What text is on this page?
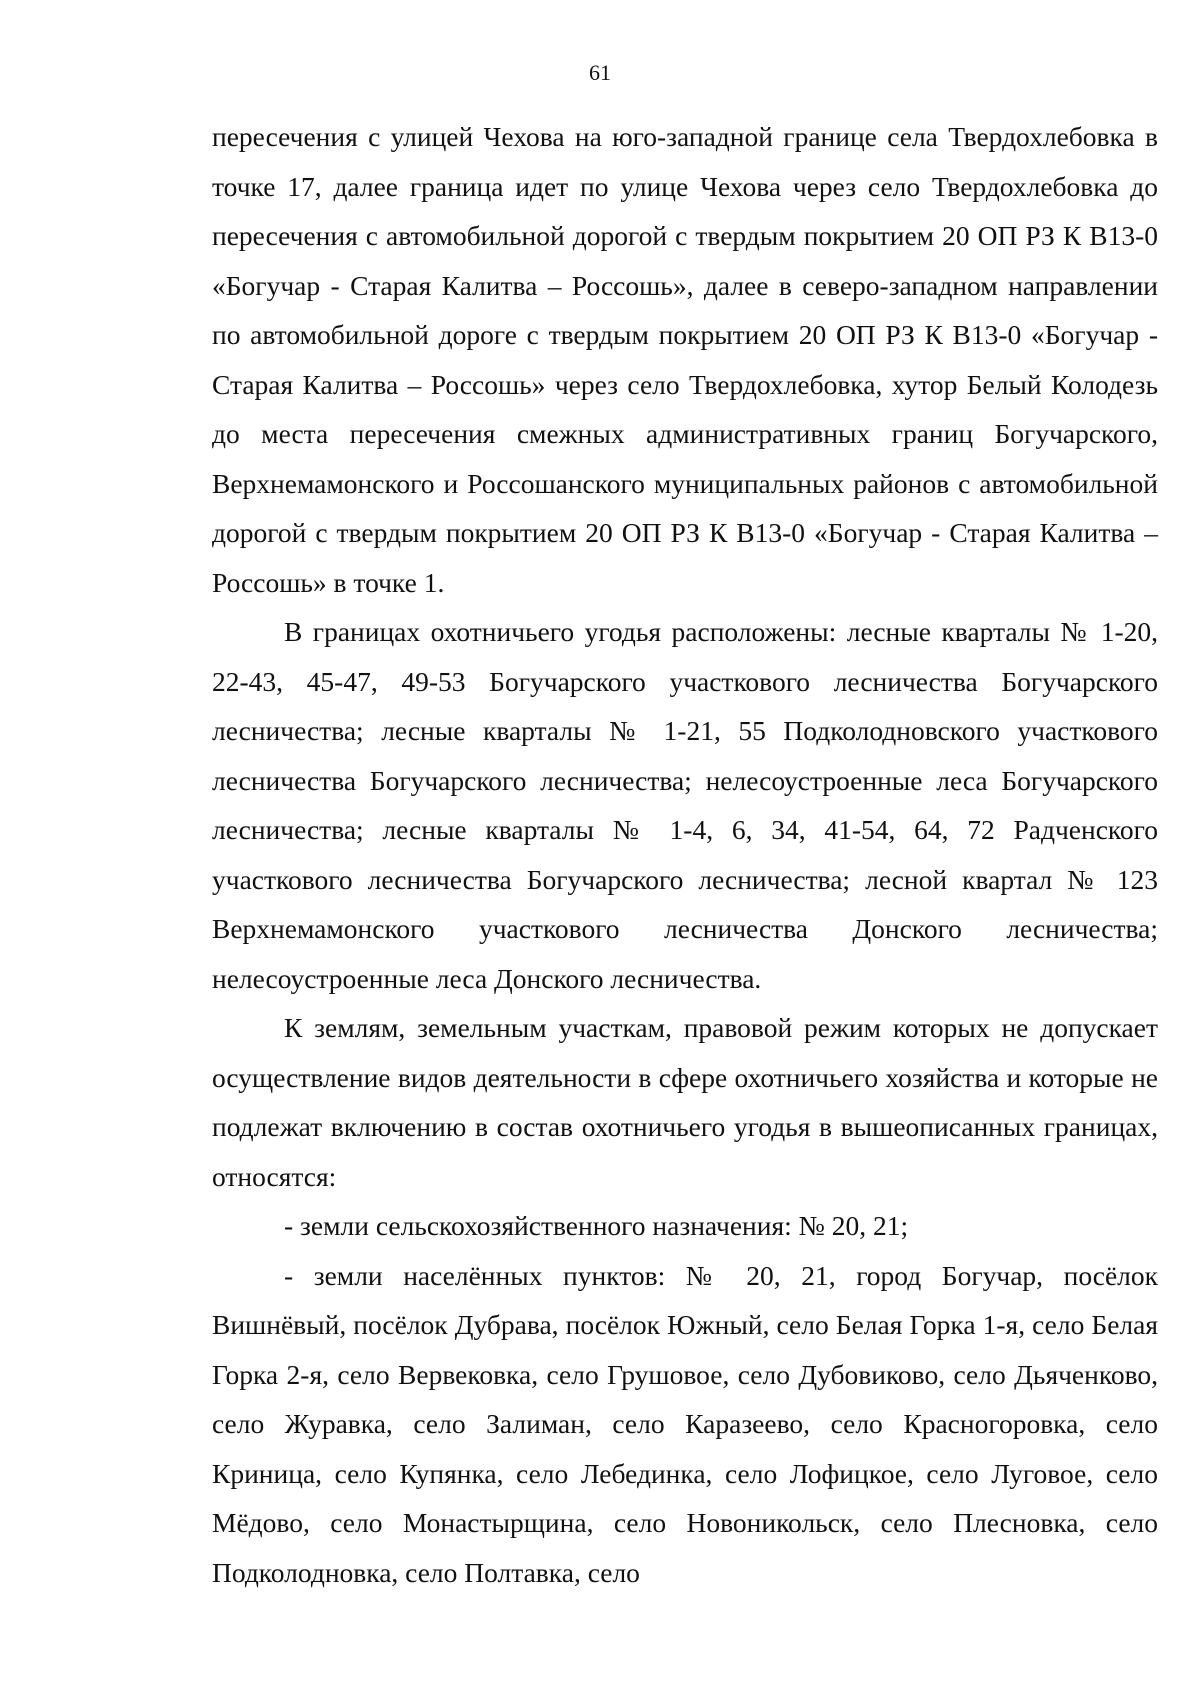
61

пересечения с улицей Чехова на юго-западной границе села Твердохлебовка в точке 17, далее граница идет по улице Чехова через село Твердохлебовка до пересечения с автомобильной дорогой с твердым покрытием 20 ОП РЗ К В13-0 «Богучар - Старая Калитва – Россошь», далее в северо-западном направлении по автомобильной дороге с твердым покрытием 20 ОП РЗ К В13-0 «Богучар - Старая Калитва – Россошь» через село Твердохлебовка, хутор Белый Колодезь до места пересечения смежных административных границ Богучарского, Верхнемамонского и Россошанского муниципальных районов с автомобильной дорогой с твердым покрытием 20 ОП РЗ К В13-0 «Богучар - Старая Калитва – Россошь» в точке 1.

В границах охотничьего угодья расположены: лесные кварталы № 1-20, 22-43, 45-47, 49-53 Богучарского участкового лесничества Богучарского лесничества; лесные кварталы № 1-21, 55 Подколодновского участкового лесничества Богучарского лесничества; нелесоустроенные леса Богучарского лесничества; лесные кварталы № 1-4, 6, 34, 41-54, 64, 72 Радченского участкового лесничества Богучарского лесничества; лесной квартал № 123 Верхнемамонского участкового лесничества Донского лесничества; нелесоустроенные леса Донского лесничества.

К землям, земельным участкам, правовой режим которых не допускает осуществление видов деятельности в сфере охотничьего хозяйства и которые не подлежат включению в состав охотничьего угодья в вышеописанных границах, относятся:

- земли сельскохозяйственного назначения: № 20, 21;

- земли населённых пунктов: № 20, 21, город Богучар, посёлок Вишнёвый, посёлок Дубрава, посёлок Южный, село Белая Горка 1-я, село Белая Горка 2-я, село Вервековка, село Грушовое, село Дубовиково, село Дьяченково, село Журавка, село Залиман, село Каразеево, село Красногоровка, село Криница, село Купянка, село Лебединка, село Лофицкое, село Луговое, село Мёдово, село Монастырщина, село Новоникольск, село Плесновка, село Подколодновка, село Полтавка, село
